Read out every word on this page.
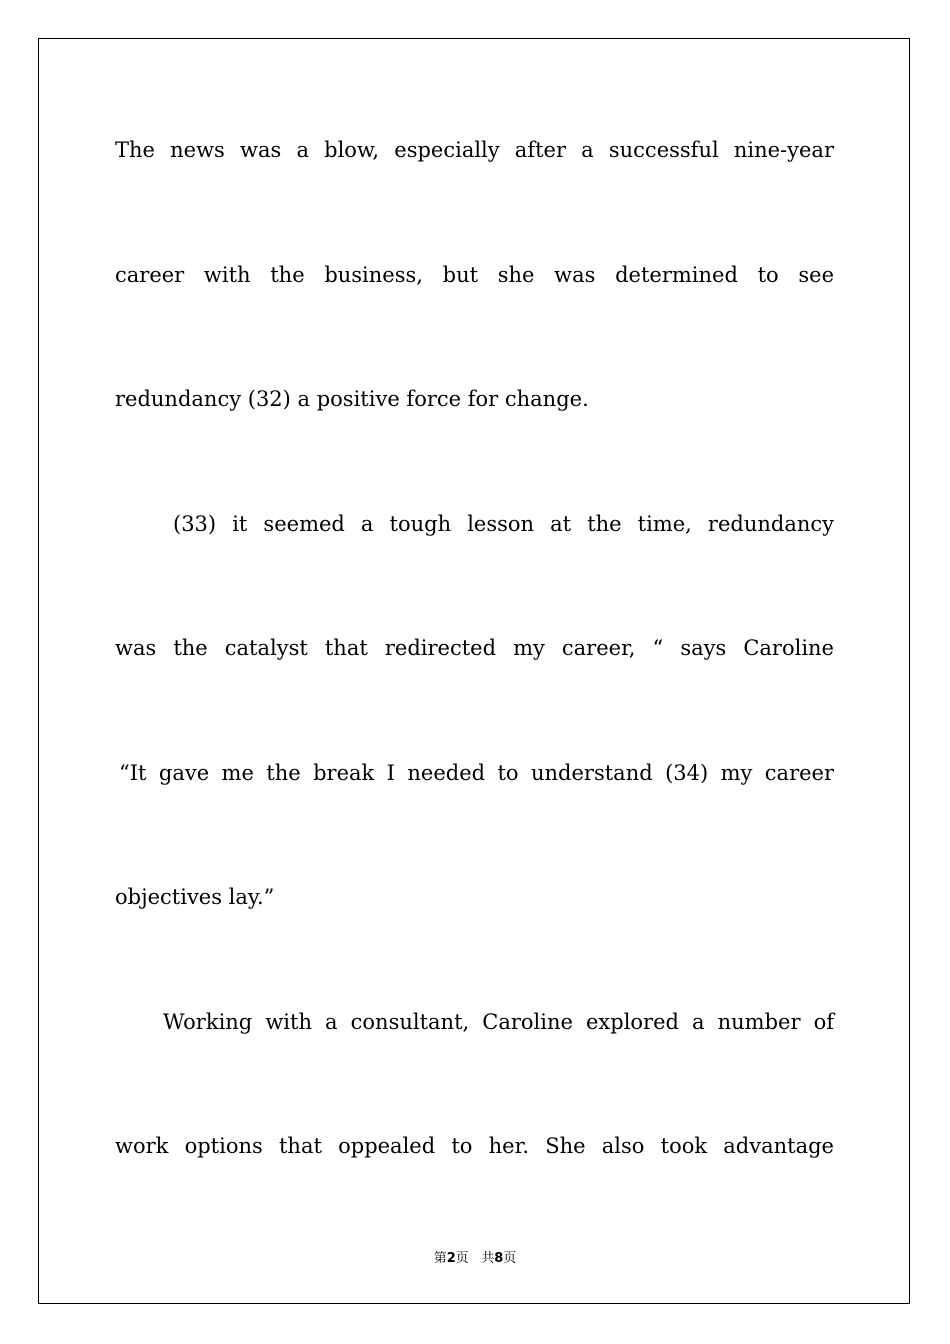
The news was a blow, especially after a successful nine-year
career with the business, but she was determined to see
redundancy (32) a positive force for change.
(33) it seemed a tough lesson at the time, redundancy
was the catalyst that redirected my career, “ says Caroline
“It gave me the break I needed to understand (34) my career
objectives lay.”
Working with a consultant, Caroline explored a number of
work options that oppealed to her. She also took advantage
第2页 共8页
